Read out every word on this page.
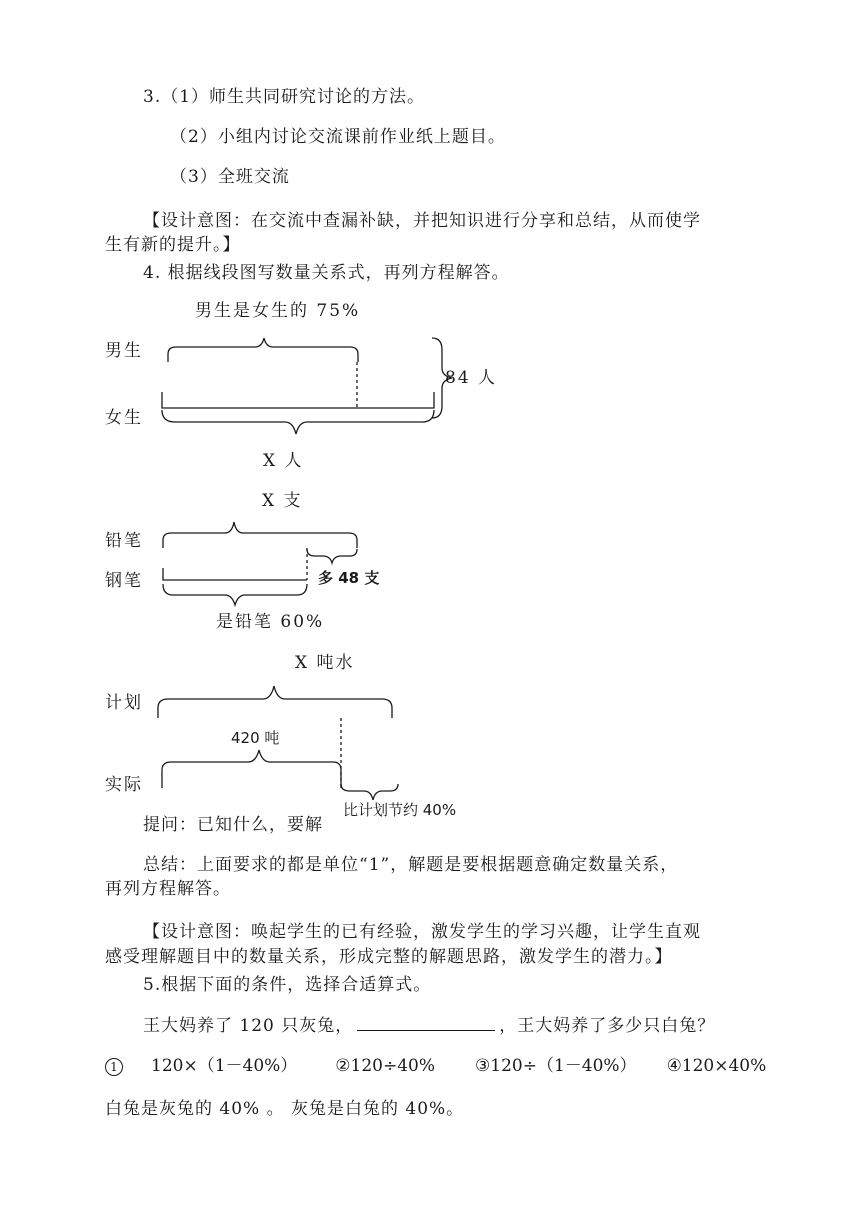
3.（1）师生共同研究讨论的方法。
（2）小组内讨论交流课前作业纸上题目。
（3）全班交流
【设计意图：在交流中查漏补缺，并把知识进行分享和总结，从而使学
生有新的提升。】
4. 根据线段图写数量关系式，再列方程解答。
男生是女生的 75%
男生
84 人
女生
X 人
X 支
铅笔
钢笔	多 48 支
是铅笔 60%
X 吨水
计划
420 吨
实际
比计划节约 40%
提问：已知什么，要解
总结：上面要求的都是单位“1”，解题是要根据题意确定数量关系，
再列方程解答。
【设计意图：唤起学生的已有经验，激发学生的学习兴趣，让学生直观
感受理解题目中的数量关系，形成完整的解题思路，激发学生的潜力。】
5.根据下面的条件，选择合适算式。
王大妈养了 120 只灰兔，	，王大妈养了多少只白兔？
1 120×（1－40%） ②120÷40% ③120÷（1－40%） ④120×40%
白兔是灰兔的 40% 。 灰兔是白兔的 40%。
